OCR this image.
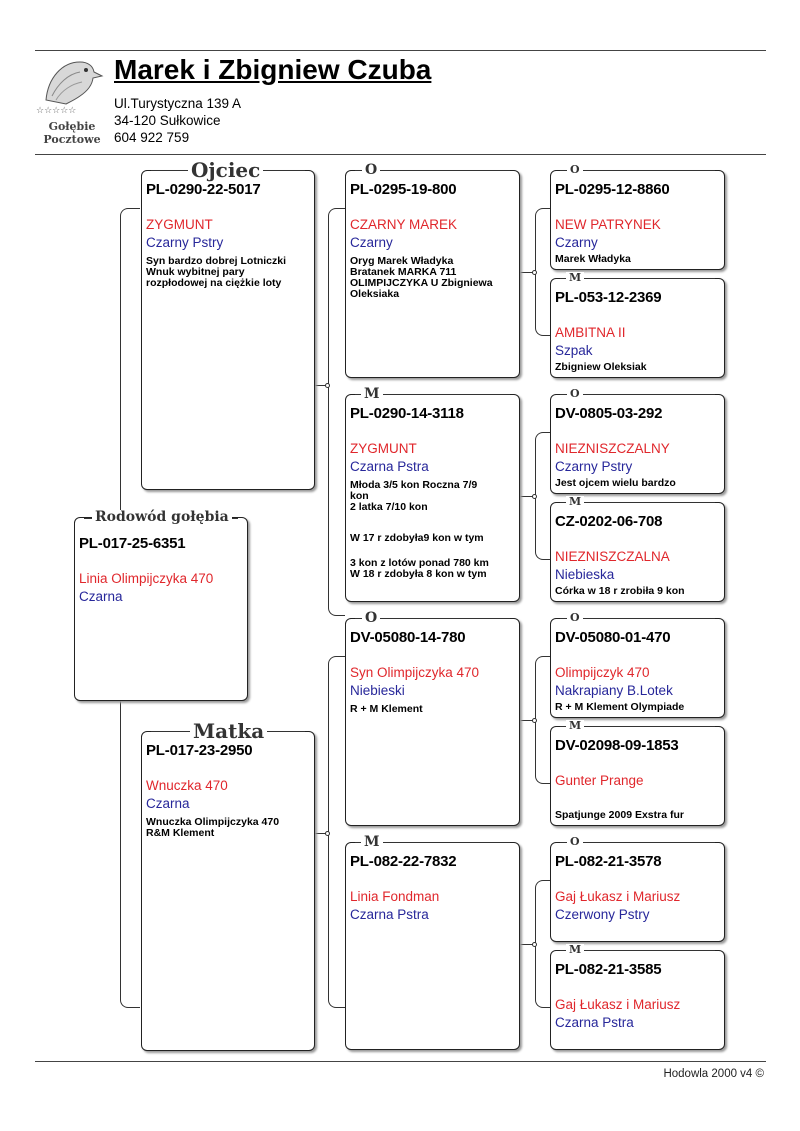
☆☆☆☆☆
Gołębie
Pocztowe
Marek i Zbigniew Czuba
Ul.Turystyczna 139 A
34-120 Sułkowice
604 922 759
PL-017-25-6351
Linia Olimpijczyka 470
Czarna
Rodowód gołębia
PL-0290-22-5017
ZYGMUNT
Czarny Pstry
Syn bardzo dobrej Lotniczki
Wnuk wybitnej pary
rozpłodowej na ciężkie loty
Ojciec
PL-017-23-2950
Wnuczka 470
Czarna
Wnuczka Olimpijczyka 470
R&M Klement
Matka
PL-0295-19-800
CZARNY MAREK
Czarny
Oryg Marek Władyka
Bratanek MARKA 711
OLIMPIJCZYKA U Zbigniewa
Oleksiaka
O
PL-0290-14-3118
ZYGMUNT
Czarna Pstra
Młoda 3/5 kon Roczna 7/9
kon
2 latka 7/10 kon
W 17 r zdobyła9 kon w tym
3 kon z lotów ponad 780 km
W 18 r zdobyła 8 kon w tym
M
DV-05080-14-780
Syn Olimpijczyka 470
Niebieski
R + M Klement
O
PL-082-22-7832
Linia Fondman
Czarna Pstra
M
PL-0295-12-8860
NEW PATRYNEK
Czarny
Marek Władyka
O
PL-053-12-2369
AMBITNA II
Szpak
Zbigniew Oleksiak
M
DV-0805-03-292
NIEZNISZCZALNY
Czarny Pstry
Jest ojcem wielu bardzo
O
CZ-0202-06-708
NIEZNISZCZALNA
Niebieska
Córka w 18 r zrobiła 9 kon
M
DV-05080-01-470
Olimpijczyk 470
Nakrapiany B.Lotek
R + M Klement Olympiade
O
DV-02098-09-1853
Gunter Prange
Spatjunge 2009 Exstra fur
M
PL-082-21-3578
Gaj Łukasz i Mariusz
Czerwony Pstry
O
PL-082-21-3585
Gaj Łukasz i Mariusz
Czarna Pstra
M
Hodowla 2000 v4 ©
